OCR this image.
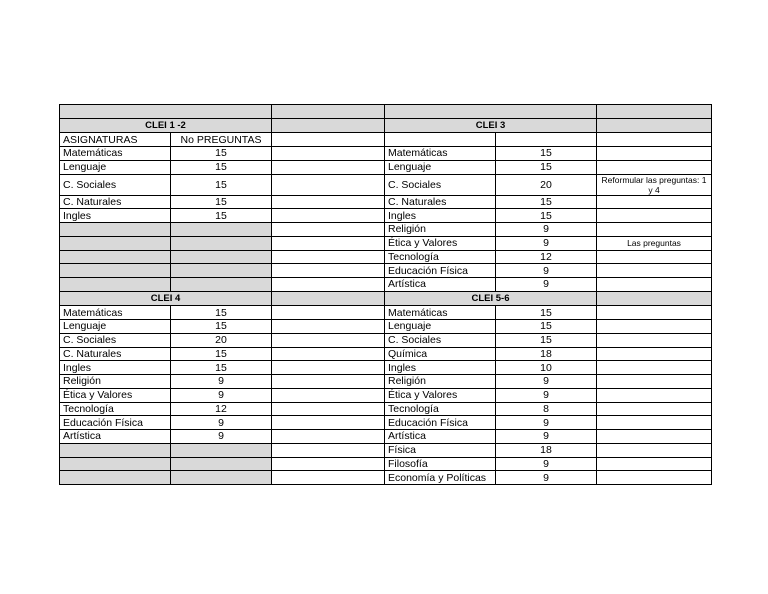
CLEI 1 -2			CLEI 3		
ASIGNATURAS	No PREGUNTAS				
Matemáticas	15		Matemáticas	15	
Lenguaje	15		Lenguaje	15	
C. Sociales	15		C. Sociales	20	Reformular las preguntas: 1 y 4
C. Naturales	15		C. Naturales	15	
Ingles	15		Ingles	15	
			Religión	9	
			Ética y Valores	9	Las preguntas
			Tecnología	12	
			Educación Física	9	
			Artística	9	
CLEI 4			CLEI 5-6		
Matemáticas	15		Matemáticas	15	
Lenguaje	15		Lenguaje	15	
C. Sociales	20		C. Sociales	15	
C. Naturales	15		Química	18	
Ingles	15		Ingles	10	
Religión	9		Religión	9	
Ética y Valores	9		Ética y Valores	9	
Tecnología	12		Tecnología	8	
Educación Física	9		Educación Física	9	
Artística	9		Artística	9	
			Física	18	
			Filosofía	9	
			Economía y Políticas	9	
